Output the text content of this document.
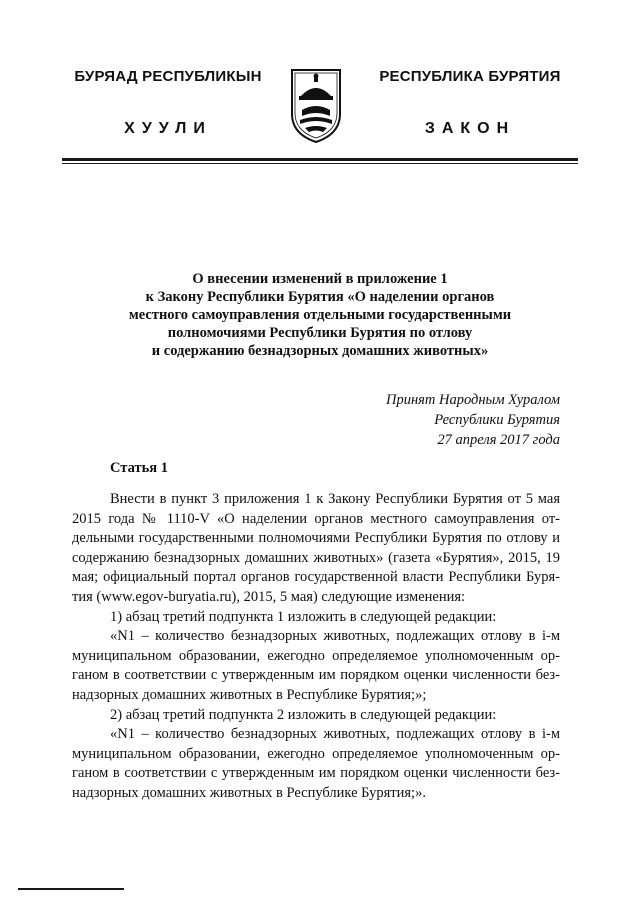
БУРЯАД РЕСПУБЛИКЫН
ХУУЛИ
РЕСПУБЛИКА БУРЯТИЯ
ЗАКОН
О внесении изменений в приложение 1
к Закону Республики Бурятия «О наделении органов
местного самоуправления отдельными государственными
полномочиями Республики Бурятия по отлову
и содержанию безнадзорных домашних животных»
Принят Народным Хуралом
Республики Бурятия
27 апреля 2017 года
Статья 1
Внести в пункт 3 приложения 1 к Закону Республики Бурятия от 5 мая
2015 года № 1110-V «О наделении органов местного самоуправления от-
дельными государственными полномочиями Республики Бурятия по отлову и
содержанию безнадзорных домашних животных» (газета «Бурятия», 2015, 19
мая; официальный портал органов государственной власти Республики Буря-
тия (www.egov-buryatia.ru), 2015, 5 мая) следующие изменения:
1) абзац третий подпункта 1 изложить в следующей редакции:
«N1 – количество безнадзорных животных, подлежащих отлову в i-м
муниципальном образовании, ежегодно определяемое уполномоченным ор-
ганом в соответствии с утвержденным им порядком оценки численности без-
надзорных домашних животных в Республике Бурятия;»;
2) абзац третий подпункта 2 изложить в следующей редакции:
«N1 – количество безнадзорных животных, подлежащих отлову в i-м
муниципальном образовании, ежегодно определяемое уполномоченным ор-
ганом в соответствии с утвержденным им порядком оценки численности без-
надзорных домашних животных в Республике Бурятия;».
